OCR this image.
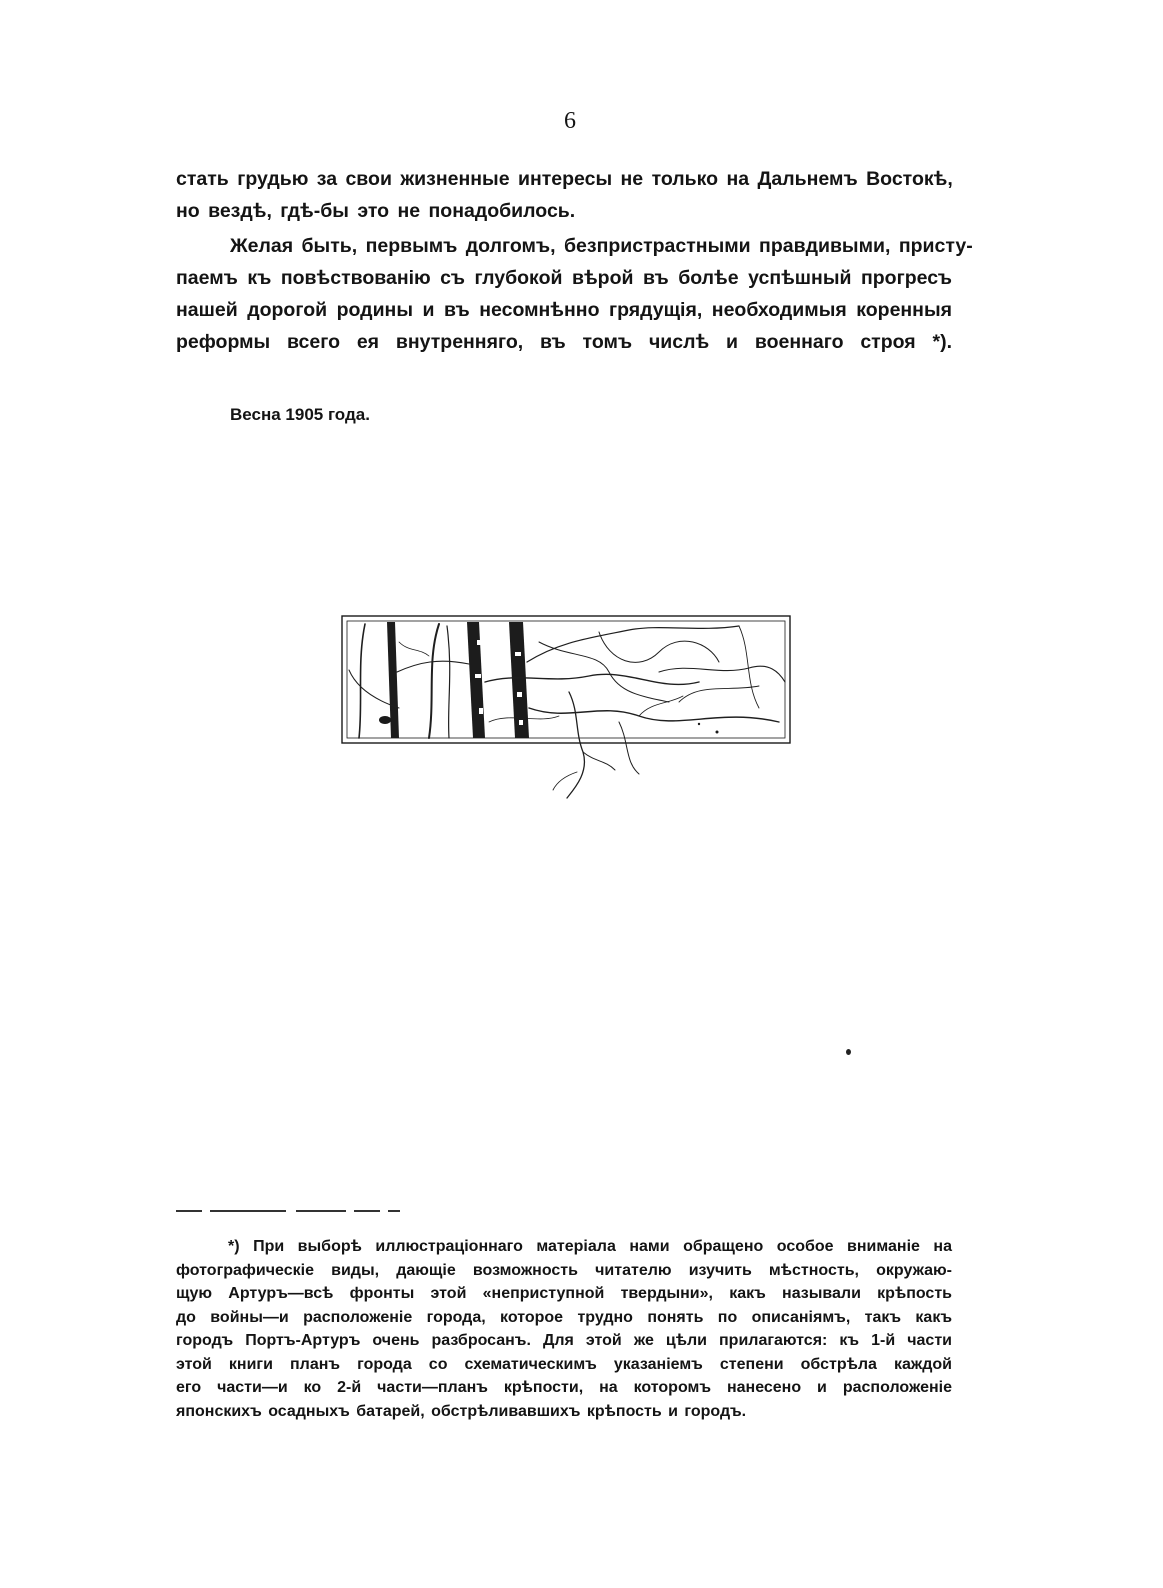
6
стать грудью за свои жизненные интересы не только на Дальнемъ Востокѣ,
но вездѣ, гдѣ-бы это не понадобилось.
Желая быть, первымъ долгомъ, безпристрастными правдивыми, присту-
паемъ къ повѣствованію съ глубокой вѣрой въ болѣе успѣшный прогресъ
нашей дорогой родины и въ несомнѣнно грядущія, необходимыя коренныя
реформы всего ея внутренняго, въ томъ числѣ и военнаго строя *).
Весна 1905 года.
*) При выборѣ иллюстраціоннаго матеріала нами обращено особое вниманіе на
фотографическіе виды, дающіе возможность читателю изучить мѣстность, окружаю-
щую Артуръ—всѣ фронты этой «неприступной твердыни», какъ называли крѣпость
до войны—и расположеніе города, которое трудно понять по описаніямъ, такъ какъ
городъ Портъ-Артуръ очень разбросанъ. Для этой же цѣли прилагаются: къ 1-й части
этой книги планъ города со схематическимъ указаніемъ степени обстрѣла каждой
его части—и ко 2-й части—планъ крѣпости, на которомъ нанесено и расположеніе
японскихъ осадныхъ батарей, обстрѣливавшихъ крѣпость и городъ.
